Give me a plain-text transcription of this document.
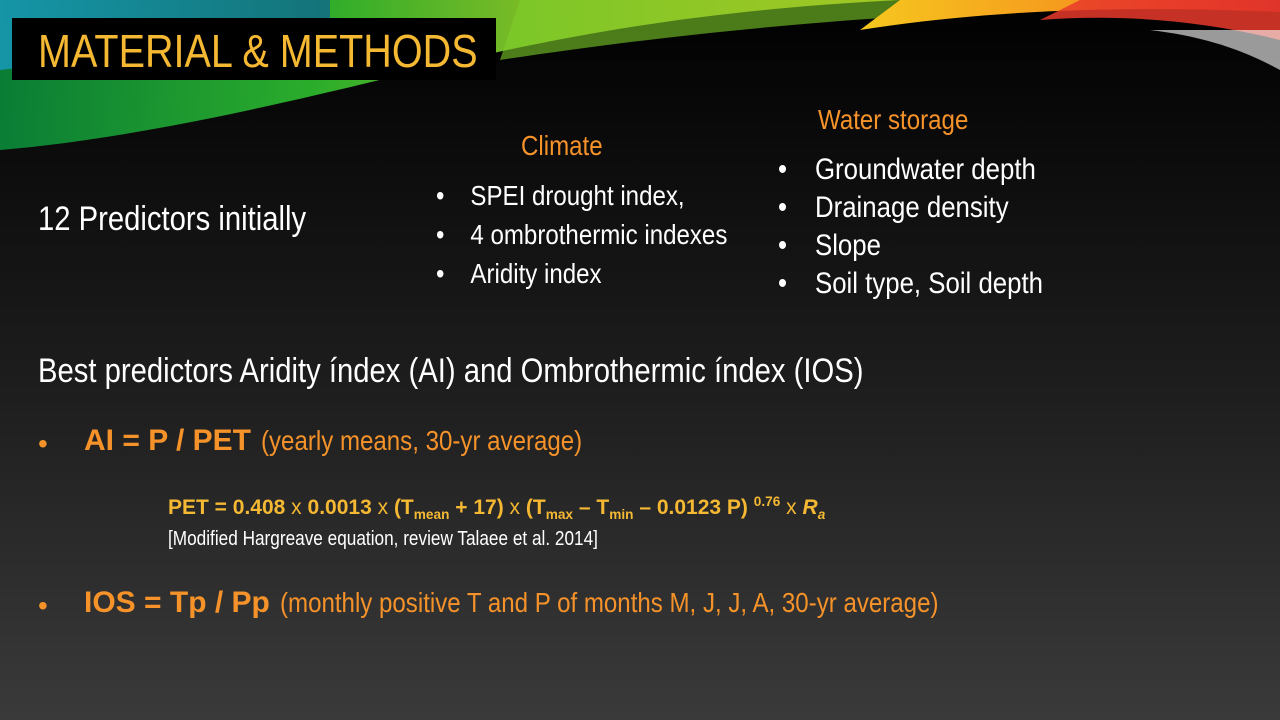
MATERIAL & METHODS
12 Predictors initially
Climate
• SPEI drought index,
• 4 ombrothermic indexes
• Aridity index
Water storage
• Groundwater depth
• Drainage density
• Slope
• Soil type, Soil depth
Best predictors Aridity índex (AI) and Ombrothermic índex (IOS)
• AI = P / PET (yearly means, 30-yr average)
PET = 0.408 x 0.0013 x $(T_{mean} + 17)$ x ($T_{max} - T_{min} - 0.0123$ P) $^{0.76}$ x $R_a$
[Modified Hargreave equation, review Talaee et al. 2014]
• IOS = Tp / Pp (monthly positive T and P of months M, J, J, A, 30-yr average)
